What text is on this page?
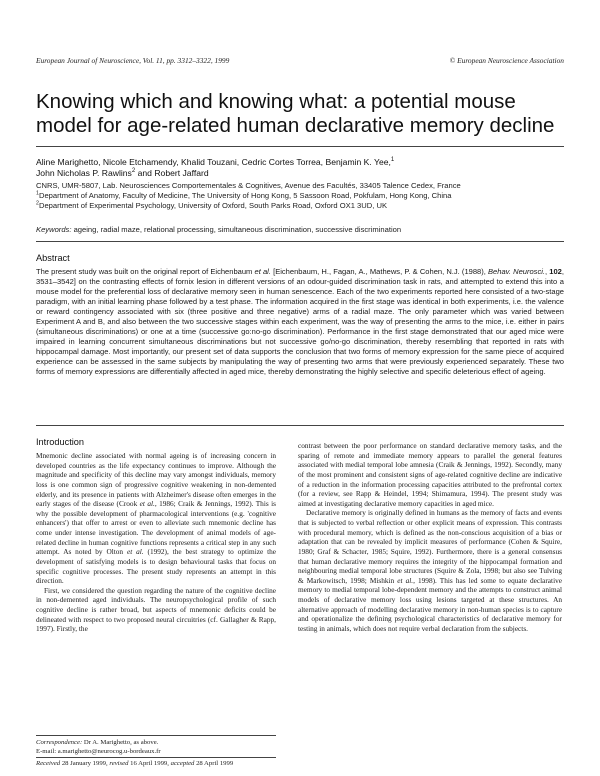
European Journal of Neuroscience, Vol. 11, pp. 3312–3322, 1999	© European Neuroscience Association
Knowing which and knowing what: a potential mouse
model for age-related human declarative memory decline
Aline Marighetto, Nicole Etchamendy, Khalid Touzani, Cedric Cortes Torrea, Benjamin K. Yee,$^1$
John Nicholas P. Rawlins$^2$ and Robert Jaffard
CNRS, UMR-5807, Lab. Neurosciences Comportementales & Cognitives, Avenue des Facultés, 33405 Talence Cedex, France
$^1$Department of Anatomy, Faculty of Medicine, The University of Hong Kong, 5 Sassoon Road, Pokfulam, Hong Kong, China
$^2$Department of Experimental Psychology, University of Oxford, South Parks Road, Oxford OX1 3UD, UK
Keywords: ageing, radial maze, relational processing, simultaneous discrimination, successive discrimination
Abstract
The present study was built on the original report of Eichenbaum et al. [Eichenbaum, H., Fagan, A., Mathews, P. & Cohen, N.J. (1988), Behav. Neurosci., 102, 3531–3542] on the contrasting effects of fornix lesion in different versions of an odour-guided discrimination task in rats, and attempted to extend this into a mouse model for the preferential loss of declarative memory seen in human senescence. Each of the two experiments reported here consisted of a two-stage paradigm, with an initial learning phase followed by a test phase. The information acquired in the first stage was identical in both experiments, i.e. the valence or reward contingency associated with six (three positive and three negative) arms of a radial maze. The only parameter which was varied between Experiment A and B, and also between the two successive stages within each experiment, was the way of presenting the arms to the mice, i.e. either in pairs (simultaneous discriminations) or one at a time (successive go:no-go discrimination). Performance in the first stage demonstrated that our aged mice were impaired in learning concurrent simultaneous discriminations but not successive go/no-go discrimination, thereby resembling that reported in rats with hippocampal damage. Most importantly, our present set of data supports the conclusion that two forms of memory expression for the same piece of acquired experience can be assessed in the same subjects by manipulating the way of presenting two arms that were previously experienced separately. These two forms of memory expressions are differentially affected in aged mice, thereby demonstrating the highly selective and specific deleterious effect of ageing.
Introduction

Mnemonic decline associated with normal ageing is of increasing concern in developed countries as the life expectancy continues to improve. Although the magnitude and specificity of this decline may vary amongst individuals, memory loss is one common sign of progressive cognitive weakening in non-demented elderly, and its presence in patients with Alzheimer's disease often emerges in the early stages of the disease (Crook et al., 1986; Craik & Jennings, 1992). This is why the possible development of pharmacological interventions (e.g. 'cognitive enhancers') that offer to arrest or even to alleviate such mnemonic decline has come under intense investigation. The development of animal models of age-related decline in human cognitive functions represents a critical step in any such attempt. As noted by Olton et al. (1992), the best strategy to optimize the development of satisfying models is to design behavioural tasks that focus on specific cognitive processes. The present study represents an attempt in this direction.

First, we considered the question regarding the nature of the cognitive decline in non-demented aged individuals. The neuropsychological profile of such cognitive decline is rather broad, but aspects of mnemonic deficits could be delineated with respect to two proposed neural circuitries (cf. Gallagher & Rapp, 1997). Firstly, the

contrast between the poor performance on standard declarative memory tasks, and the sparing of remote and immediate memory appears to parallel the general features associated with medial temporal lobe amnesia (Craik & Jennings, 1992). Secondly, many of the most prominent and consistent signs of age-related cognitive decline are indicative of a reduction in the information processing capacities attributed to the prefrontal cortex (for a review, see Rapp & Heindel, 1994; Shimamura, 1994). The present study was aimed at investigating declarative memory capacities in aged mice.

Declarative memory is originally defined in humans as the memory of facts and events that is subjected to verbal reflection or other explicit means of expression. This contrasts with procedural memory, which is defined as the non-conscious acquisition of a bias or adaptation that can be revealed by implicit measures of performance (Cohen & Squire, 1980; Graf & Schacter, 1985; Squire, 1992). Furthermore, there is a general consensus that human declarative memory requires the integrity of the hippocampal formation and neighbouring medial temporal lobe structures (Squire & Zola, 1998; but also see Tulving & Markowitsch, 1998; Mishkin et al., 1998). This has led some to equate declarative memory to medial temporal lobe-dependent memory and the attempts to construct animal models of declarative memory loss using lesions targeted at these structures. An alternative approach of modelling declarative memory in non-human species is to capture and operationalize the defining psychological characteristics of declarative memory for testing in animals, which does not require verbal declaration from the subjects.

Correspondence: Dr A. Marighetto, as above.
E-mail: a.marighetto@neurocog.u-bordeaux.fr
Received 28 January 1999, revised 16 April 1999, accepted 28 April 1999
